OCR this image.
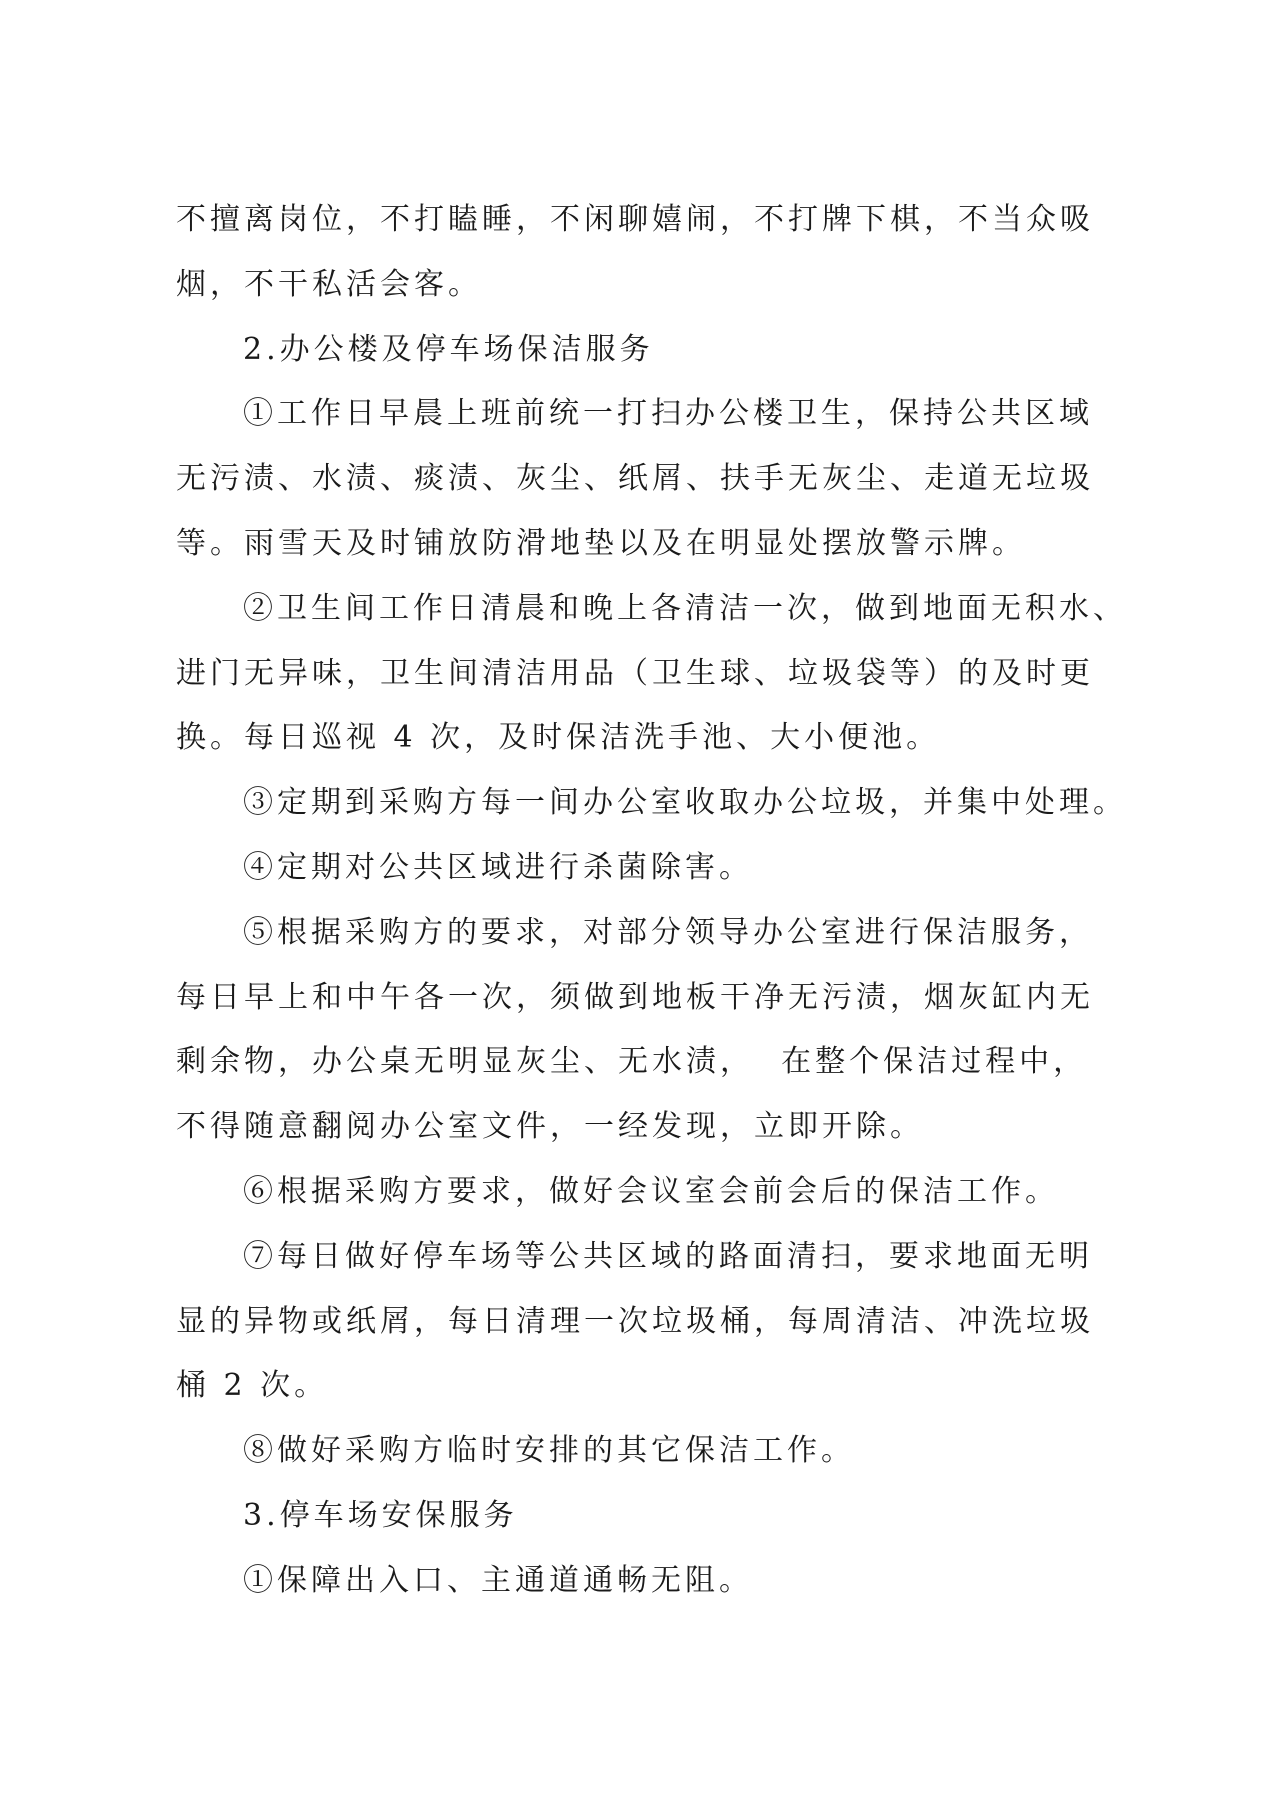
不擅离岗位，不打瞌睡，不闲聊嬉闹，不打牌下棋，不当众吸
烟，不干私活会客。
2.办公楼及停车场保洁服务
①工作日早晨上班前统一打扫办公楼卫生，保持公共区域
无污渍、水渍、痰渍、灰尘、纸屑、扶手无灰尘、走道无垃圾
等。雨雪天及时铺放防滑地垫以及在明显处摆放警示牌。
②卫生间工作日清晨和晚上各清洁一次，做到地面无积水、
进门无异味，卫生间清洁用品（卫生球、垃圾袋等）的及时更
换。每日巡视 4 次，及时保洁洗手池、大小便池。
③定期到采购方每一间办公室收取办公垃圾，并集中处理。
④定期对公共区域进行杀菌除害。
⑤根据采购方的要求，对部分领导办公室进行保洁服务，
每日早上和中午各一次，须做到地板干净无污渍，烟灰缸内无
剩余物，办公桌无明显灰尘、无水渍，  在整个保洁过程中，
不得随意翻阅办公室文件，一经发现，立即开除。
⑥根据采购方要求，做好会议室会前会后的保洁工作。
⑦每日做好停车场等公共区域的路面清扫，要求地面无明
显的异物或纸屑，每日清理一次垃圾桶，每周清洁、冲洗垃圾
桶 2 次。
⑧做好采购方临时安排的其它保洁工作。
3.停车场安保服务
①保障出入口、主通道通畅无阻。
